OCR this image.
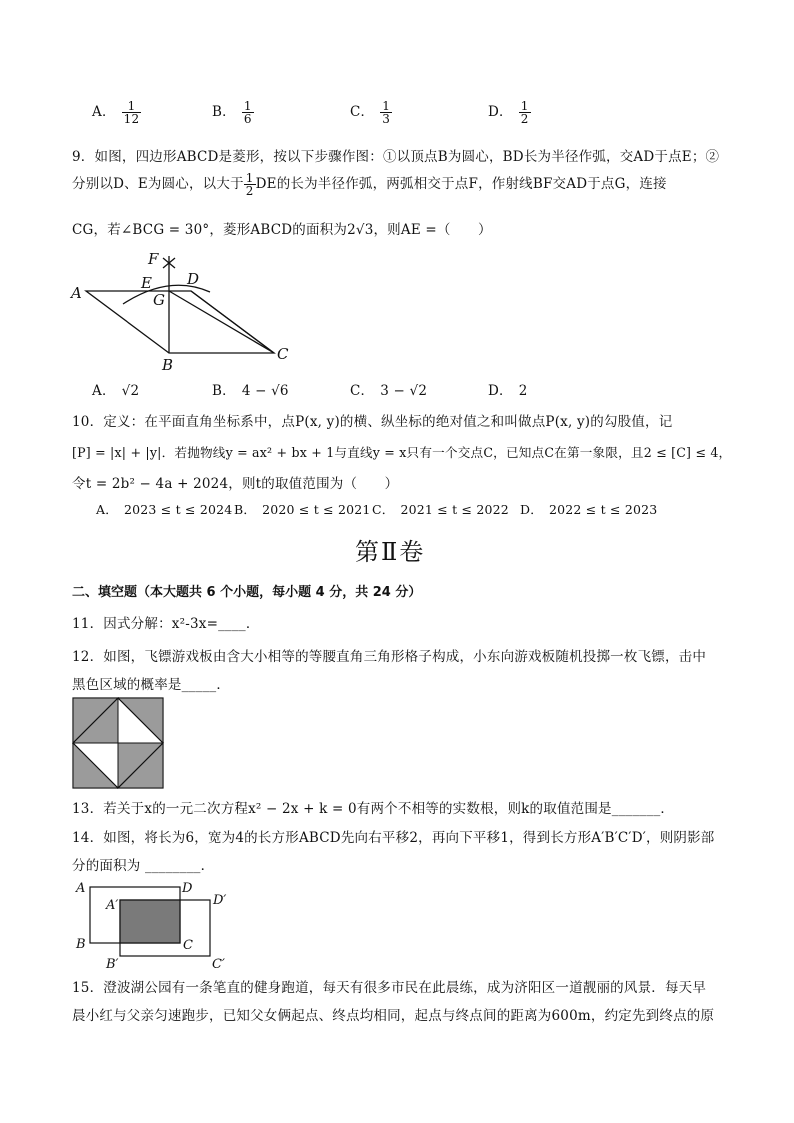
A． $\frac{1}{12}$	B． $\frac{1}{6}$	C． $\frac{1}{3}$	D． $\frac{1}{2}$
9．如图，四边形ABCD是菱形，按以下步骤作图：①以顶点B为圆心，BD长为半径作弧，交AD于点E；②
分别以D、E为圆心，以大于 $\frac{1}{2}$ DE的长为半径作弧，两弧相交于点F，作射线BF交AD于点G，连接
CG，若∠BCG = 30°，菱形ABCD的面积为2√3，则AE =（　　）
A
E
F
G
D
B
C
A． √2	B． 4 − √6	C． 3 − √2	D． 2
10．定义：在平面直角坐标系中，点P(x, y)的横、纵坐标的绝对值之和叫做点P(x, y)的勾股值，记
[P] = |x| + |y|．若抛物线y = ax² + bx + 1与直线y = x只有一个交点C，已知点C在第一象限，且2 ≤ [C] ≤ 4，
令t = 2b² − 4a + 2024，则t的取值范围为（　　）
A． 2023 ≤ t ≤ 2024 B． 2020 ≤ t ≤ 2021 C． 2021 ≤ t ≤ 2022 D． 2022 ≤ t ≤ 2023
第Ⅱ卷
二、填空题（本大题共 6 个小题，每小题 4 分，共 24 分）
11．因式分解：x²-3x=____．
12．如图，飞镖游戏板由含大小相等的等腰直角三角形格子构成，小东向游戏板随机投掷一枚飞镖，击中
黑色区域的概率是_____．
13．若关于x的一元二次方程x² − 2x + k = 0有两个不相等的实数根，则k的取值范围是_______．
14．如图，将长为6，宽为4的长方形ABCD先向右平移2，再向下平移1，得到长方形A′B′C′D′，则阴影部
分的面积为 ________．
A	D
A′	D′
B	C
B′	C′
15．澄波湖公园有一条笔直的健身跑道，每天有很多市民在此晨练，成为济阳区一道靓丽的风景．每天早
晨小红与父亲匀速跑步，已知父女俩起点、终点均相同，起点与终点间的距离为600m，约定先到终点的原
